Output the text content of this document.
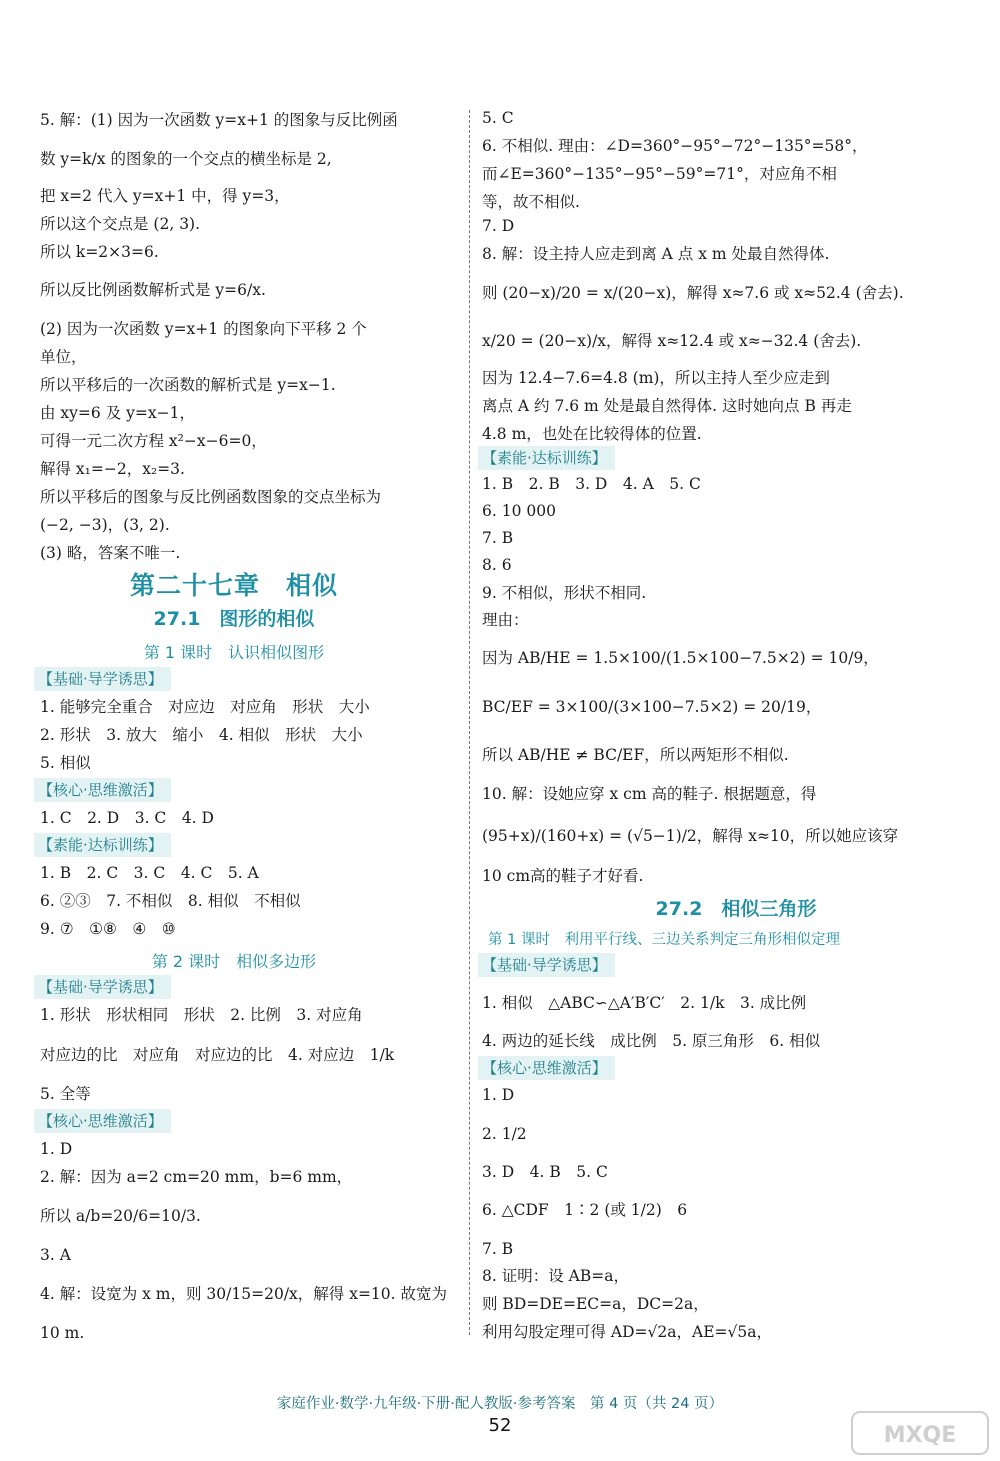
5. 解：(1) 因为一次函数 y=x+1 的图象与反比例函
数 y=k/x 的图象的一个交点的横坐标是 2,
把 x=2 代入 y=x+1 中，得 y=3，
所以这个交点是 (2, 3).
所以 k=2×3=6.
所以反比例函数解析式是 y=6/x.
(2) 因为一次函数 y=x+1 的图象向下平移 2 个
单位，
所以平移后的一次函数的解析式是 y=x−1.
由 xy=6 及 y=x−1，
可得一元二次方程 x²−x−6=0，
解得 x₁=−2，x₂=3.
所以平移后的图象与反比例函数图象的交点坐标为
(−2, −3)，(3, 2).
(3) 略，答案不唯一.
第二十七章　相似
27.1　图形的相似
第 1 课时　认识相似图形
【基础·导学诱思】
1. 能够完全重合　对应边　对应角　形状　大小
2. 形状　3. 放大　缩小　4. 相似　形状　大小
5. 相似
【核心·思维激活】
1. C　2. D　3. C　4. D
【素能·达标训练】
1. B　2. C　3. C　4. C　5. A
6. ②③　7. 不相似　8. 相似　不相似
9. ⑦　①⑧　④　⑩
第 2 课时　相似多边形
【基础·导学诱思】
1. 形状　形状相同　形状　2. 比例　3. 对应角
对应边的比　对应角　对应边的比　4. 对应边　1/k
5. 全等
【核心·思维激活】
1. D
2. 解：因为 a=2 cm=20 mm，b=6 mm，
所以 a/b=20/6=10/3.
3. A
4. 解：设宽为 x m，则 30/15=20/x，解得 x=10. 故宽为
10 m.
5. C
6. 不相似. 理由：∠D=360°−95°−72°−135°=58°，
而∠E=360°−135°−95°−59°=71°，对应角不相
等，故不相似.
7. D
8. 解：设主持人应走到离 A 点 x m 处最自然得体.
则 (20−x)/20 = x/(20−x)，解得 x≈7.6 或 x≈52.4 (舍去).
x/20 = (20−x)/x，解得 x≈12.4 或 x≈−32.4 (舍去).
因为 12.4−7.6=4.8 (m)，所以主持人至少应走到
离点 A 约 7.6 m 处是最自然得体. 这时她向点 B 再走
4.8 m，也处在比较得体的位置.
【素能·达标训练】
1. B　2. B　3. D　4. A　5. C
6. 10 000
7. B
8. 6
9. 不相似，形状不相同.
理由：
因为 AB/HE = 1.5×100/(1.5×100−7.5×2) = 10/9，
BC/EF = 3×100/(3×100−7.5×2) = 20/19，
所以 AB/HE ≠ BC/EF，所以两矩形不相似.
10. 解：设她应穿 x cm 高的鞋子. 根据题意，得
(95+x)/(160+x) = (√5−1)/2，解得 x≈10，所以她应该穿
10 cm高的鞋子才好看.
27.2　相似三角形
第 1 课时　利用平行线、三边关系判定三角形相似定理
【基础·导学诱思】
1. 相似　△ABC∽△A′B′C′　2. 1/k　3. 成比例
4. 两边的延长线　成比例　5. 原三角形　6. 相似
【核心·思维激活】
1. D
2. 1/2
3. D　4. B　5. C
6. △CDF　1∶2 (或 1/2)　6
7. B
8. 证明：设 AB=a，
则 BD=DE=EC=a，DC=2a，
利用勾股定理可得 AD=√2a，AE=√5a，
家庭作业·数学·九年级·下册·配人教版·参考答案　第 4 页（共 24 页）
52	MXQE
